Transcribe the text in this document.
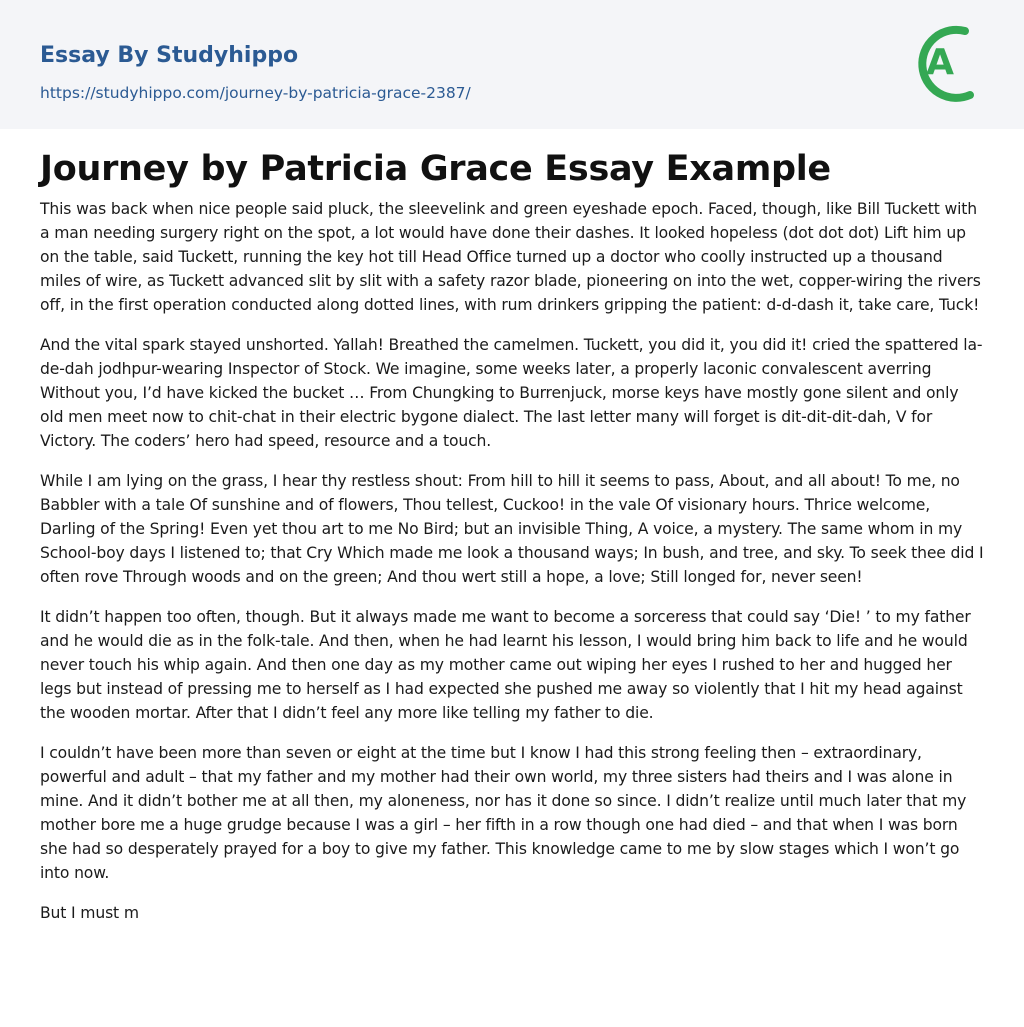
Essay By Studyhippo
https://studyhippo.com/journey-by-patricia-grace-2387/
A
Journey by Patricia Grace Essay Example

This was back when nice people said pluck, the sleevelink and green eyeshade epoch. Faced, though, like Bill Tuckett with a man needing surgery right on the spot, a lot would have done their dashes. It looked hopeless (dot dot dot) Lift him up on the table, said Tuckett, running the key hot till Head Office turned up a doctor who coolly instructed up a thousand miles of wire, as Tuckett advanced slit by slit with a safety razor blade, pioneering on into the wet, copper-wiring the rivers off, in the first operation conducted along dotted lines, with rum drinkers gripping the patient: d-d-dash it, take care, Tuck!

And the vital spark stayed unshorted. Yallah! Breathed the camelmen. Tuckett, you did it, you did it! cried the spattered la-de-dah jodhpur-wearing Inspector of Stock. We imagine, some weeks later, a properly laconic convalescent averring Without you, I’d have kicked the bucket … From Chungking to Burrenjuck, morse keys have mostly gone silent and only old men meet now to chit-chat in their electric bygone dialect. The last letter many will forget is dit-dit-dit-dah, V for Victory. The coders’ hero had speed, resource and a touch.

While I am lying on the grass, I hear thy restless shout: From hill to hill it seems to pass, About, and all about! To me, no Babbler with a tale Of sunshine and of flowers, Thou tellest, Cuckoo! in the vale Of visionary hours. Thrice welcome, Darling of the Spring! Even yet thou art to me No Bird; but an invisible Thing, A voice, a mystery. The same whom in my School-boy days I listened to; that Cry Which made me look a thousand ways; In bush, and tree, and sky. To seek thee did I often rove Through woods and on the green; And thou wert still a hope, a love; Still longed for, never seen!

It didn’t happen too often, though. But it always made me want to become a sorceress that could say ‘Die! ’ to my father and he would die as in the folk-tale. And then, when he had learnt his lesson, I would bring him back to life and he would never touch his whip again. And then one day as my mother came out wiping her eyes I rushed to her and hugged her legs but instead of pressing me to herself as I had expected she pushed me away so violently that I hit my head against the wooden mortar. After that I didn’t feel any more like telling my father to die.

I couldn’t have been more than seven or eight at the time but I know I had this strong feeling then – extraordinary, powerful and adult – that my father and my mother had their own world, my three sisters had theirs and I was alone in mine. And it didn’t bother me at all then, my aloneness, nor has it done so since. I didn’t realize until much later that my mother bore me a huge grudge because I was a girl – her fifth in a row though one had died – and that when I was born she had so desperately prayed for a boy to give my father. This knowledge came to me by slow stages which I won’t go into now.

But I must m
